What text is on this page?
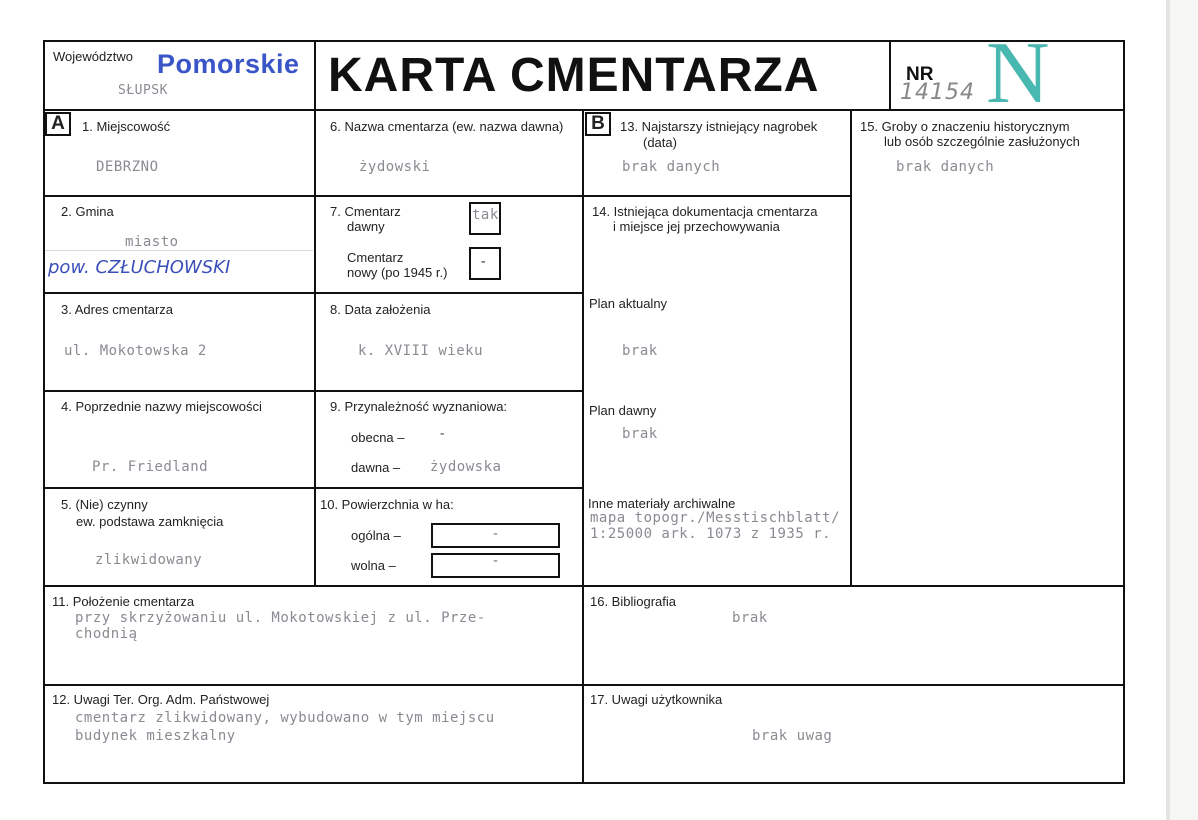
Województwo Pomorskie
SŁUPSK	KARTA CMENTARZA	NR
14154 N
A	B
1. Miejscowość
DEBRZNO
6. Nazwa cmentarza (ew. nazwa dawna)
żydowski
13. Najstarszy istniejący nagrobek
(data)
brak danych
15. Groby o znaczeniu historycznym
lub osób szczególnie zasłużonych
brak danych
2. Gmina
miasto
pow. CZŁUCHOWSKI
7. Cmentarz
dawny
tak
Cmentarz
nowy (po 1945 r.)
-
14. Istniejąca dokumentacja cmentarza
i miejsce jej przechowywania
Plan aktualny
brak
Plan dawny
brak
Inne materiały archiwalne
mapa topogr./Messtischblatt/
1:25000 ark. 1073 z 1935 r.
3. Adres cmentarza
ul. Mokotowska 2
8. Data założenia
k. XVIII wieku
4. Poprzednie nazwy miejscowości
Pr. Friedland
9. Przynależność wyznaniowa:
obecna – -
dawna – żydowska
5. (Nie) czynny
ew. podstawa zamknięcia
zlikwidowany
10. Powierzchnia w ha:
ogólna –	-
wolna –	-
11. Położenie cmentarza
przy skrzyżowaniu ul. Mokotowskiej z ul. Prze-
chodnią
16. Bibliografia
brak
12. Uwagi Ter. Org. Adm. Państwowej
cmentarz zlikwidowany, wybudowano w tym miejscu
budynek mieszkalny
17. Uwagi użytkownika
brak uwag
